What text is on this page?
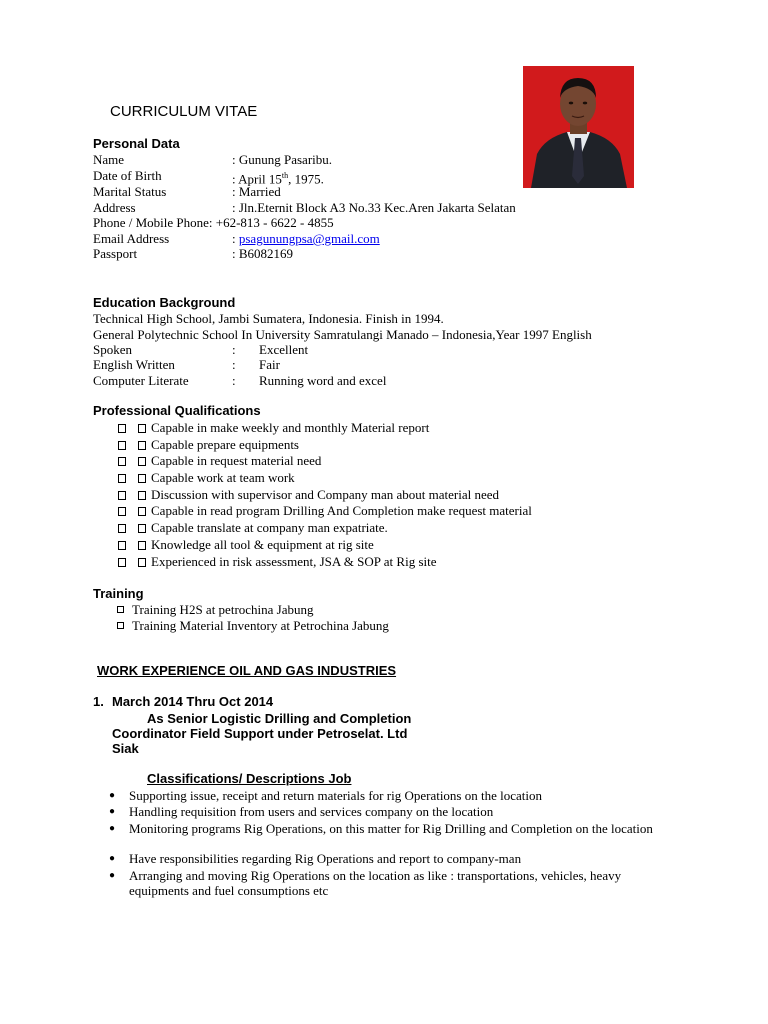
CURRICULUM VITAE
Personal Data
Name	: Gunung Pasaribu.
Date of Birth	: April 15th, 1975.
Marital Status	: Married
Address	: Jln.Eternit Block A3 No.33 Kec.Aren Jakarta Selatan
Phone / Mobile Phone: +62-813 - 6622 - 4855
Email Address	: psagunungpsa@gmail.com
Passport	: B6082169
Education Background
Technical High School, Jambi Sumatera, Indonesia. Finish in 1994.
General Polytechnic School In University Samratulangi Manado – Indonesia,Year 1997 English
Spoken	: Excellent
English Written	: Fair
Computer Literate	: Running word and excel
Professional Qualifications
Capable in make weekly and monthly Material report
Capable prepare equipments
Capable in request material need
Capable work at team work
Discussion with supervisor and Company man about material need
Capable in read program Drilling And Completion make request material
Capable translate at company man expatriate.
Knowledge all tool & equipment at rig site
Experienced in risk assessment, JSA & SOP at Rig site
Training
Training H2S at petrochina Jabung
Training Material Inventory at Petrochina Jabung
WORK EXPERIENCE OIL AND GAS INDUSTRIES
1. March 2014 Thru Oct 2014
As Senior Logistic Drilling and Completion
Coordinator Field Support under Petroselat. Ltd
Siak
Classifications/ Descriptions Job
● Supporting issue, receipt and return materials for rig Operations on the location
● Handling requisition from users and services company on the location
● Monitoring programs Rig Operations, on this matter for Rig Drilling and Completion on the location
● Have responsibilities regarding Rig Operations and report to company-man
● Arranging and moving Rig Operations on the location as like : transportations, vehicles, heavy equipments and fuel consumptions etc
